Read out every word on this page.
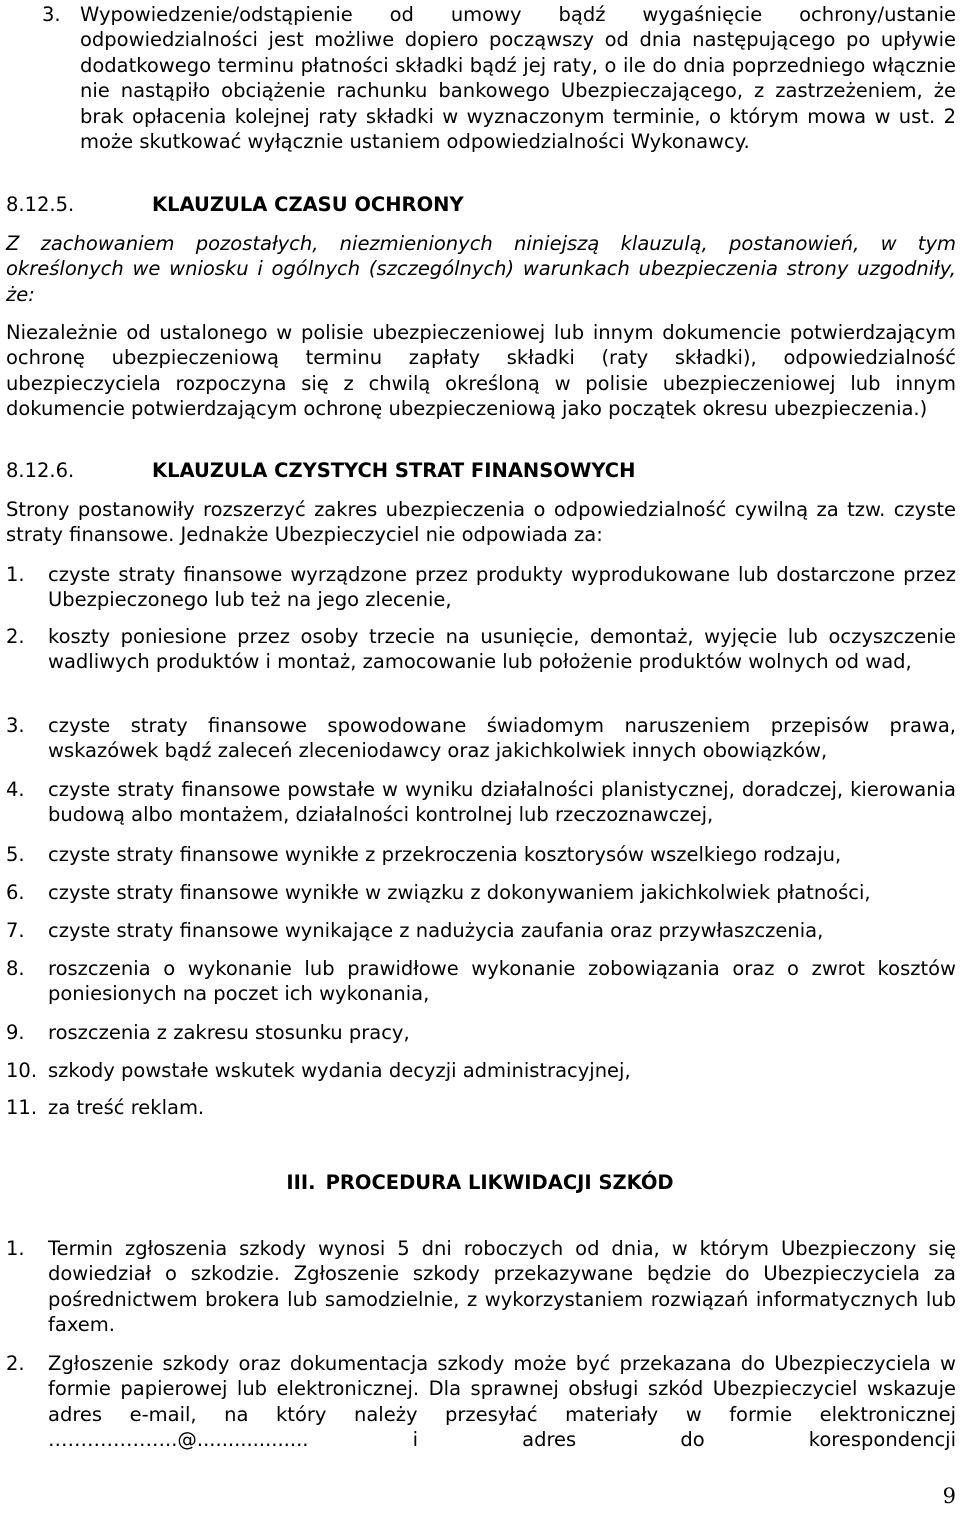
3. Wypowiedzenie/odstąpienie od umowy bądź wygaśnięcie ochrony/ustanie odpowiedzialności jest możliwe dopiero począwszy od dnia następującego po upływie dodatkowego terminu płatności składki bądź jej raty, o ile do dnia poprzedniego włącznie nie nastąpiło obciążenie rachunku bankowego Ubezpieczającego, z zastrzeżeniem, że brak opłacenia kolejnej raty składki w wyznaczonym terminie, o którym mowa w ust. 2 może skutkować wyłącznie ustaniem odpowiedzialności Wykonawcy.
8.12.5.	KLAUZULA CZASU OCHRONY

Z zachowaniem pozostałych, niezmienionych niniejszą klauzulą, postanowień, w tym określonych we wniosku i ogólnych (szczególnych) warunkach ubezpieczenia strony uzgodniły, że:

Niezależnie od ustalonego w polisie ubezpieczeniowej lub innym dokumencie potwierdzającym ochronę ubezpieczeniową terminu zapłaty składki (raty składki), odpowiedzialność ubezpieczyciela rozpoczyna się z chwilą określoną w polisie ubezpieczeniowej lub innym dokumencie potwierdzającym ochronę ubezpieczeniową jako początek okresu ubezpieczenia.)

8.12.6.	KLAUZULA CZYSTYCH STRAT FINANSOWYCH

Strony postanowiły rozszerzyć zakres ubezpieczenia o odpowiedzialność cywilną za tzw. czyste straty finansowe. Jednakże Ubezpieczyciel nie odpowiada za:

1. czyste straty finansowe wyrządzone przez produkty wyprodukowane lub dostarczone przez Ubezpieczonego lub też na jego zlecenie,
2. koszty poniesione przez osoby trzecie na usunięcie, demontaż, wyjęcie lub oczyszczenie wadliwych produktów i montaż, zamocowanie lub położenie produktów wolnych od wad,
3. czyste straty finansowe spowodowane świadomym naruszeniem przepisów prawa, wskazówek bądź zaleceń zleceniodawcy oraz jakichkolwiek innych obowiązków,
4. czyste straty finansowe powstałe w wyniku działalności planistycznej, doradczej, kierowania budową albo montażem, działalności kontrolnej lub rzeczoznawczej,
5. czyste straty finansowe wynikłe z przekroczenia kosztorysów wszelkiego rodzaju,
6. czyste straty finansowe wynikłe w związku z dokonywaniem jakichkolwiek płatności,
7. czyste straty finansowe wynikające z nadużycia zaufania oraz przywłaszczenia,
8. roszczenia o wykonanie lub prawidłowe wykonanie zobowiązania oraz o zwrot kosztów poniesionych na poczet ich wykonania,
9. roszczenia z zakresu stosunku pracy,
10. szkody powstałe wskutek wydania decyzji administracyjnej,
11. za treść reklam.
III. PROCEDURA LIKWIDACJI SZKÓD
1. Termin zgłoszenia szkody wynosi 5 dni roboczych od dnia, w którym Ubezpieczony się dowiedział o szkodzie. Zgłoszenie szkody przekazywane będzie do Ubezpieczyciela za pośrednictwem brokera lub samodzielnie, z wykorzystaniem rozwiązań informatycznych lub faxem.
2. Zgłoszenie szkody oraz dokumentacja szkody może być przekazana do Ubezpieczyciela w formie papierowej lub elektronicznej. Dla sprawnej obsługi szkód Ubezpieczyciel wskazuje adres e-mail, na który należy przesyłać materiały w formie elektronicznej ………………..@.................. i adres do korespondencji
9
